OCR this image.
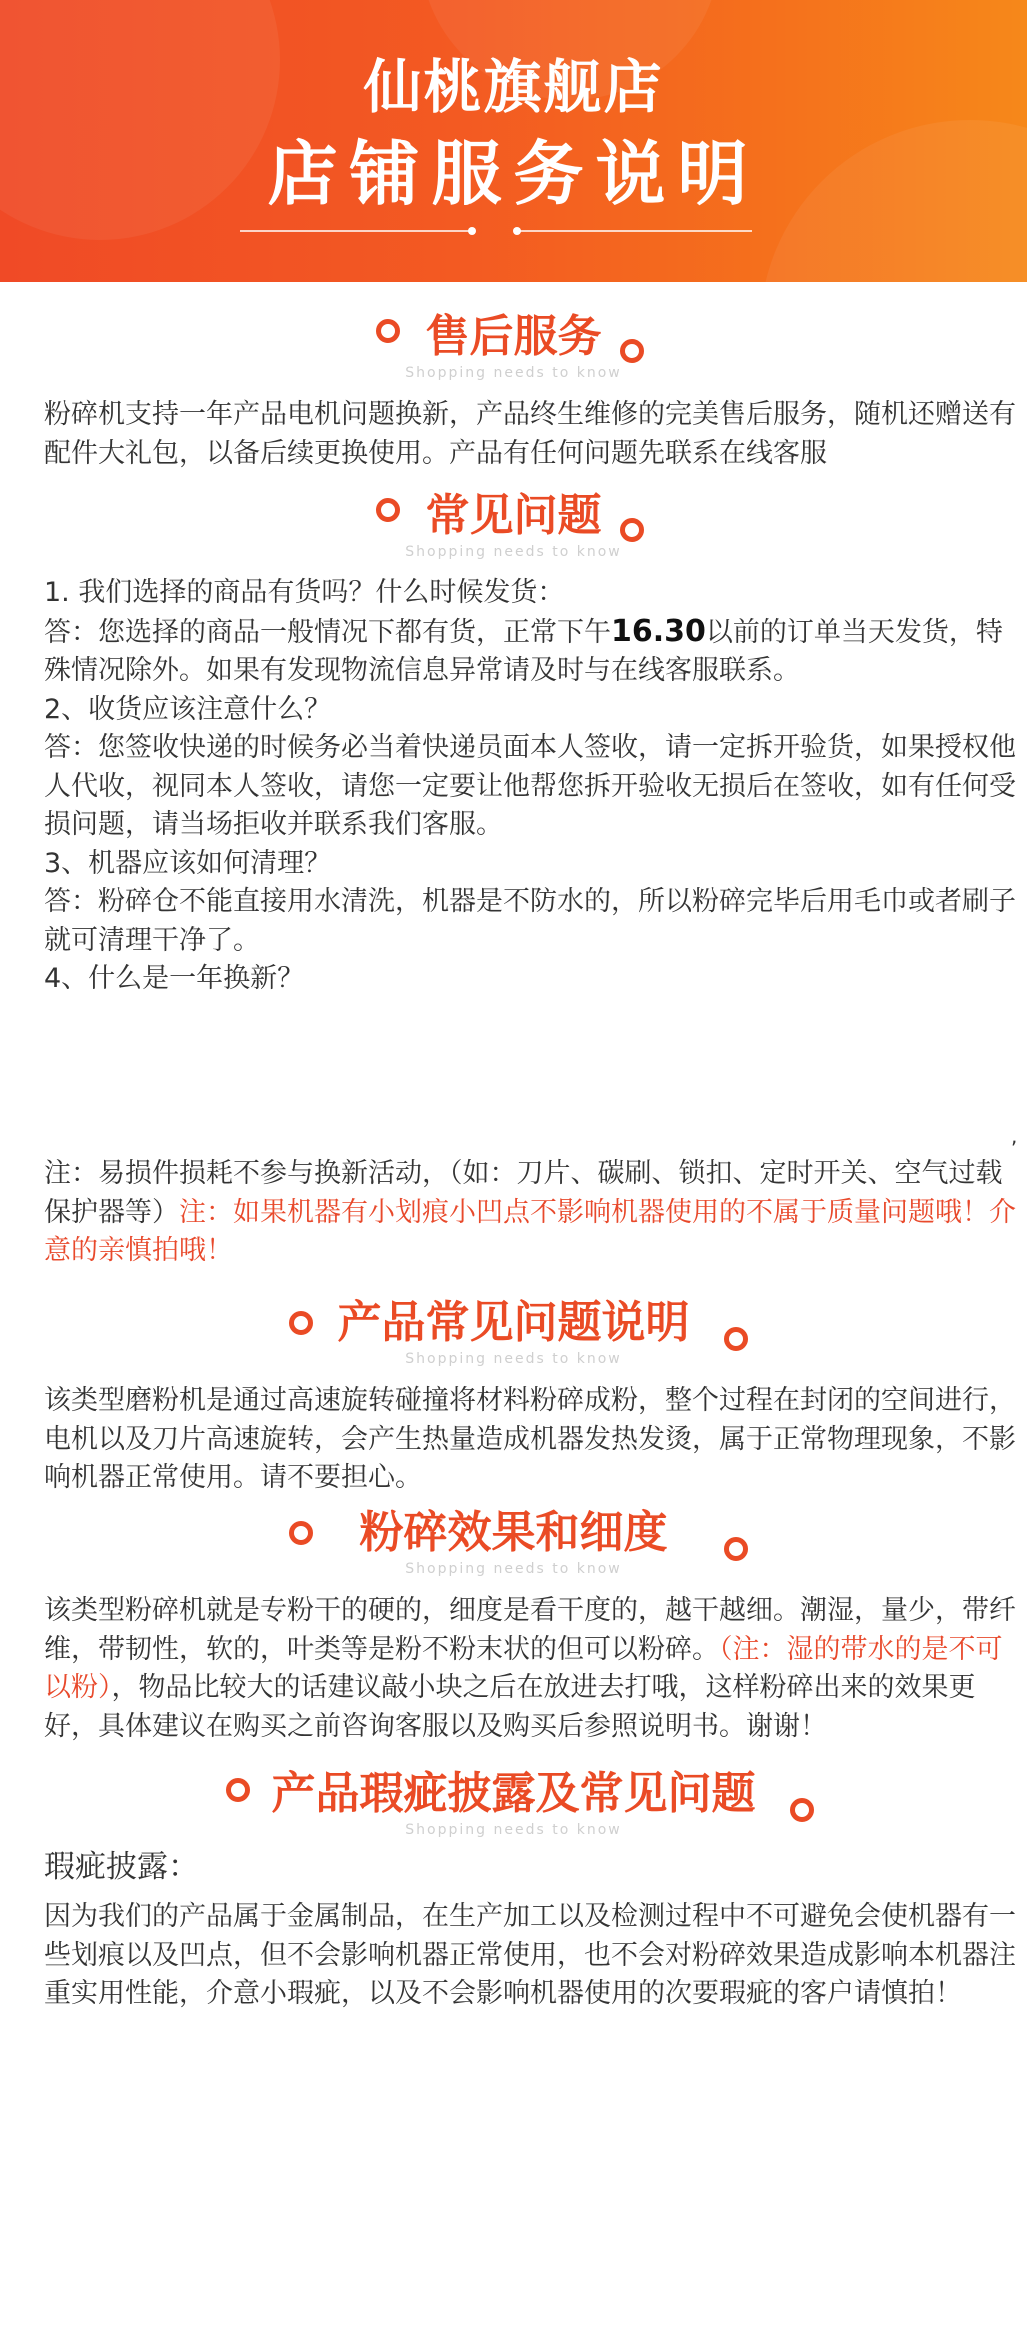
仙桃旗舰店
店铺服务说明
售后服务
Shopping needs to know

粉碎机支持一年产品电机问题换新，产品终生维修的完美售后服务，随机还赠送有配件大礼包，以备后续更换使用。产品有任何问题先联系在线客服

常见问题
Shopping needs to know
1. 我们选择的商品有货吗？什么时候发货：
答：您选择的商品一般情况下都有货，正常下午16.30以前的订单当天发货，特殊情况除外。如果有发现物流信息异常请及时与在线客服联系。
2、收货应该注意什么？
答：您签收快递的时候务必当着快递员面本人签收，请一定拆开验货，如果授权他人代收，视同本人签收，请您一定要让他帮您拆开验收无损后在签收，如有任何受损问题，请当场拒收并联系我们客服。
3、机器应该如何清理？
答：粉碎仓不能直接用水清洗，机器是不防水的，所以粉碎完毕后用毛巾或者刷子就可清理干净了。
4、什么是一年换新？
,

注：易损件损耗不参与换新活动，（如：刀片、碳刷、锁扣、定时开关、空气过载保护器等）注：如果机器有小划痕小凹点不影响机器使用的不属于质量问题哦！介意的亲慎拍哦！

产品常见问题说明
Shopping needs to know

该类型磨粉机是通过高速旋转碰撞将材料粉碎成粉，整个过程在封闭的空间进行，电机以及刀片高速旋转，会产生热量造成机器发热发烫，属于正常物理现象，不影响机器正常使用。请不要担心。

粉碎效果和细度
Shopping needs to know

该类型粉碎机就是专粉干的硬的，细度是看干度的，越干越细。潮湿，量少，带纤维，带韧性，软的，叶类等是粉不粉末状的但可以粉碎。（注：湿的带水的是不可以粉），物品比较大的话建议敲小块之后在放进去打哦，这样粉碎出来的效果更好，具体建议在购买之前咨询客服以及购买后参照说明书。谢谢！

产品瑕疵披露及常见问题
Shopping needs to know
瑕疵披露：

因为我们的产品属于金属制品，在生产加工以及检测过程中不可避免会使机器有一些划痕以及凹点，但不会影响机器正常使用，也不会对粉碎效果造成影响本机器注重实用性能，介意小瑕疵，以及不会影响机器使用的次要瑕疵的客户请慎拍！
